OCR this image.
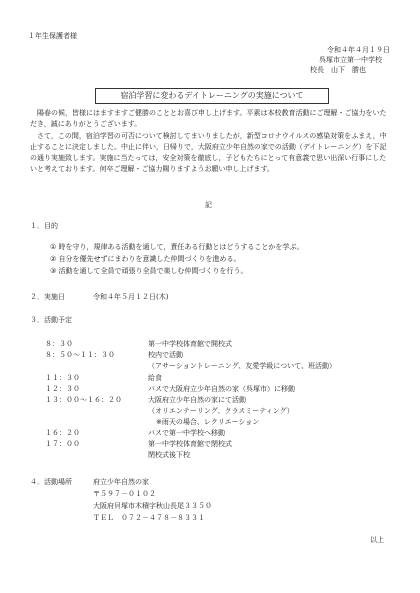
１年生保護者様
令和４年４月１９日
呉塚市立第一中学校
校長　山下　勝也
宿泊学習に変わるデイトレーニングの実施について
陽春の候，皆様にはますますご健勝のこととお喜び申し上げます。平素は本校教育活動にご理解・ご協力をいただき，誠にありがとうございます。
さて，この間，宿泊学習の可否について検討してまいりましたが，新型コロナウイルスの感染対策をふまえ，中止することに決定しました。中止に伴い，日帰りで，大阪府立少年自然の家での活動（デイトレーニング）を下記の通り実施致します。実施に当たっては，安全対策を徹底し，子どもたちにとって有意義で思い出深い行事にしたいと考えております。何卒ご理解・ご協力賜りますようお願い申し上げます。
記
１．目的
① 時を守り，規律ある活動を通して，責任ある行動とはどうすることかを学ぶ。
② 自分を優先せずにまわりを意識した仲間づくりを進める。
③ 活動を通して全員で頑張り全員で楽しむ仲間づくりを行う。
２．実施日	令和４年５月１２日(木)
３．活動予定
８：３０	第一中学校体育館で開校式
８：５０～１１：３０	校内で活動
（アサーショントレーニング、友愛学級について、班活動）
１１：３０	給食
１２：３０	バスで大阪府立少年自然の家（呉塚市）に移動
１３：００～１６：２０	大阪府立少年自然の家にて活動
（オリエンテーリング、クラスミーティング）
※雨天の場合、レクリエーション
１６：２０	バスで第一中学校へ移動
１７：００	第一中学校体育館で閉校式
閉校式後下校
４．活動場所	府立少年自然の家
〒５９７－０１０２
大阪府貝塚市木積字秋山長尾３３５０
ＴＥＬ　０７２－４７８－８３３１
以上
